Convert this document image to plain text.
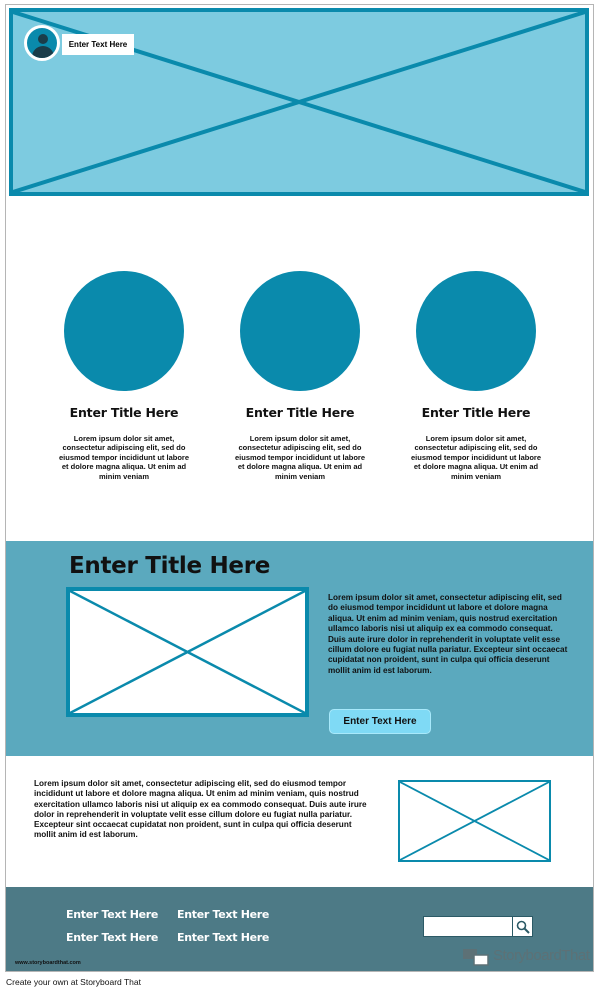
Enter Text Here
Enter Title Here
Lorem ipsum dolor sit amet, consectetur adipiscing elit, sed do eiusmod tempor incididunt ut labore et dolore magna aliqua. Ut enim ad minim veniam
Enter Title Here
Lorem ipsum dolor sit amet, consectetur adipiscing elit, sed do eiusmod tempor incididunt ut labore et dolore magna aliqua. Ut enim ad minim veniam
Enter Title Here
Lorem ipsum dolor sit amet, consectetur adipiscing elit, sed do eiusmod tempor incididunt ut labore et dolore magna aliqua. Ut enim ad minim veniam
Enter Title Here
Lorem ipsum dolor sit amet, consectetur adipiscing elit, sed do eiusmod tempor incididunt ut labore et dolore magna aliqua. Ut enim ad minim veniam, quis nostrud exercitation ullamco laboris nisi ut aliquip ex ea commodo consequat. Duis aute irure dolor in reprehenderit in voluptate velit esse cillum dolore eu fugiat nulla pariatur. Excepteur sint occaecat cupidatat non proident, sunt in culpa qui officia deserunt mollit anim id est laborum.
Enter Text Here
Lorem ipsum dolor sit amet, consectetur adipiscing elit, sed do eiusmod tempor incididunt ut labore et dolore magna aliqua. Ut enim ad minim veniam, quis nostrud exercitation ullamco laboris nisi ut aliquip ex ea commodo consequat. Duis aute irure dolor in reprehenderit in voluptate velit esse cillum dolore eu fugiat nulla pariatur. Excepteur sint occaecat cupidatat non proident, sunt in culpa qui officia deserunt mollit anim id est laborum.
Enter Text Here Enter Text Here
Enter Text Here Enter Text Here
www.storyboardthat.com	StoryboardThat
Create your own at Storyboard That
